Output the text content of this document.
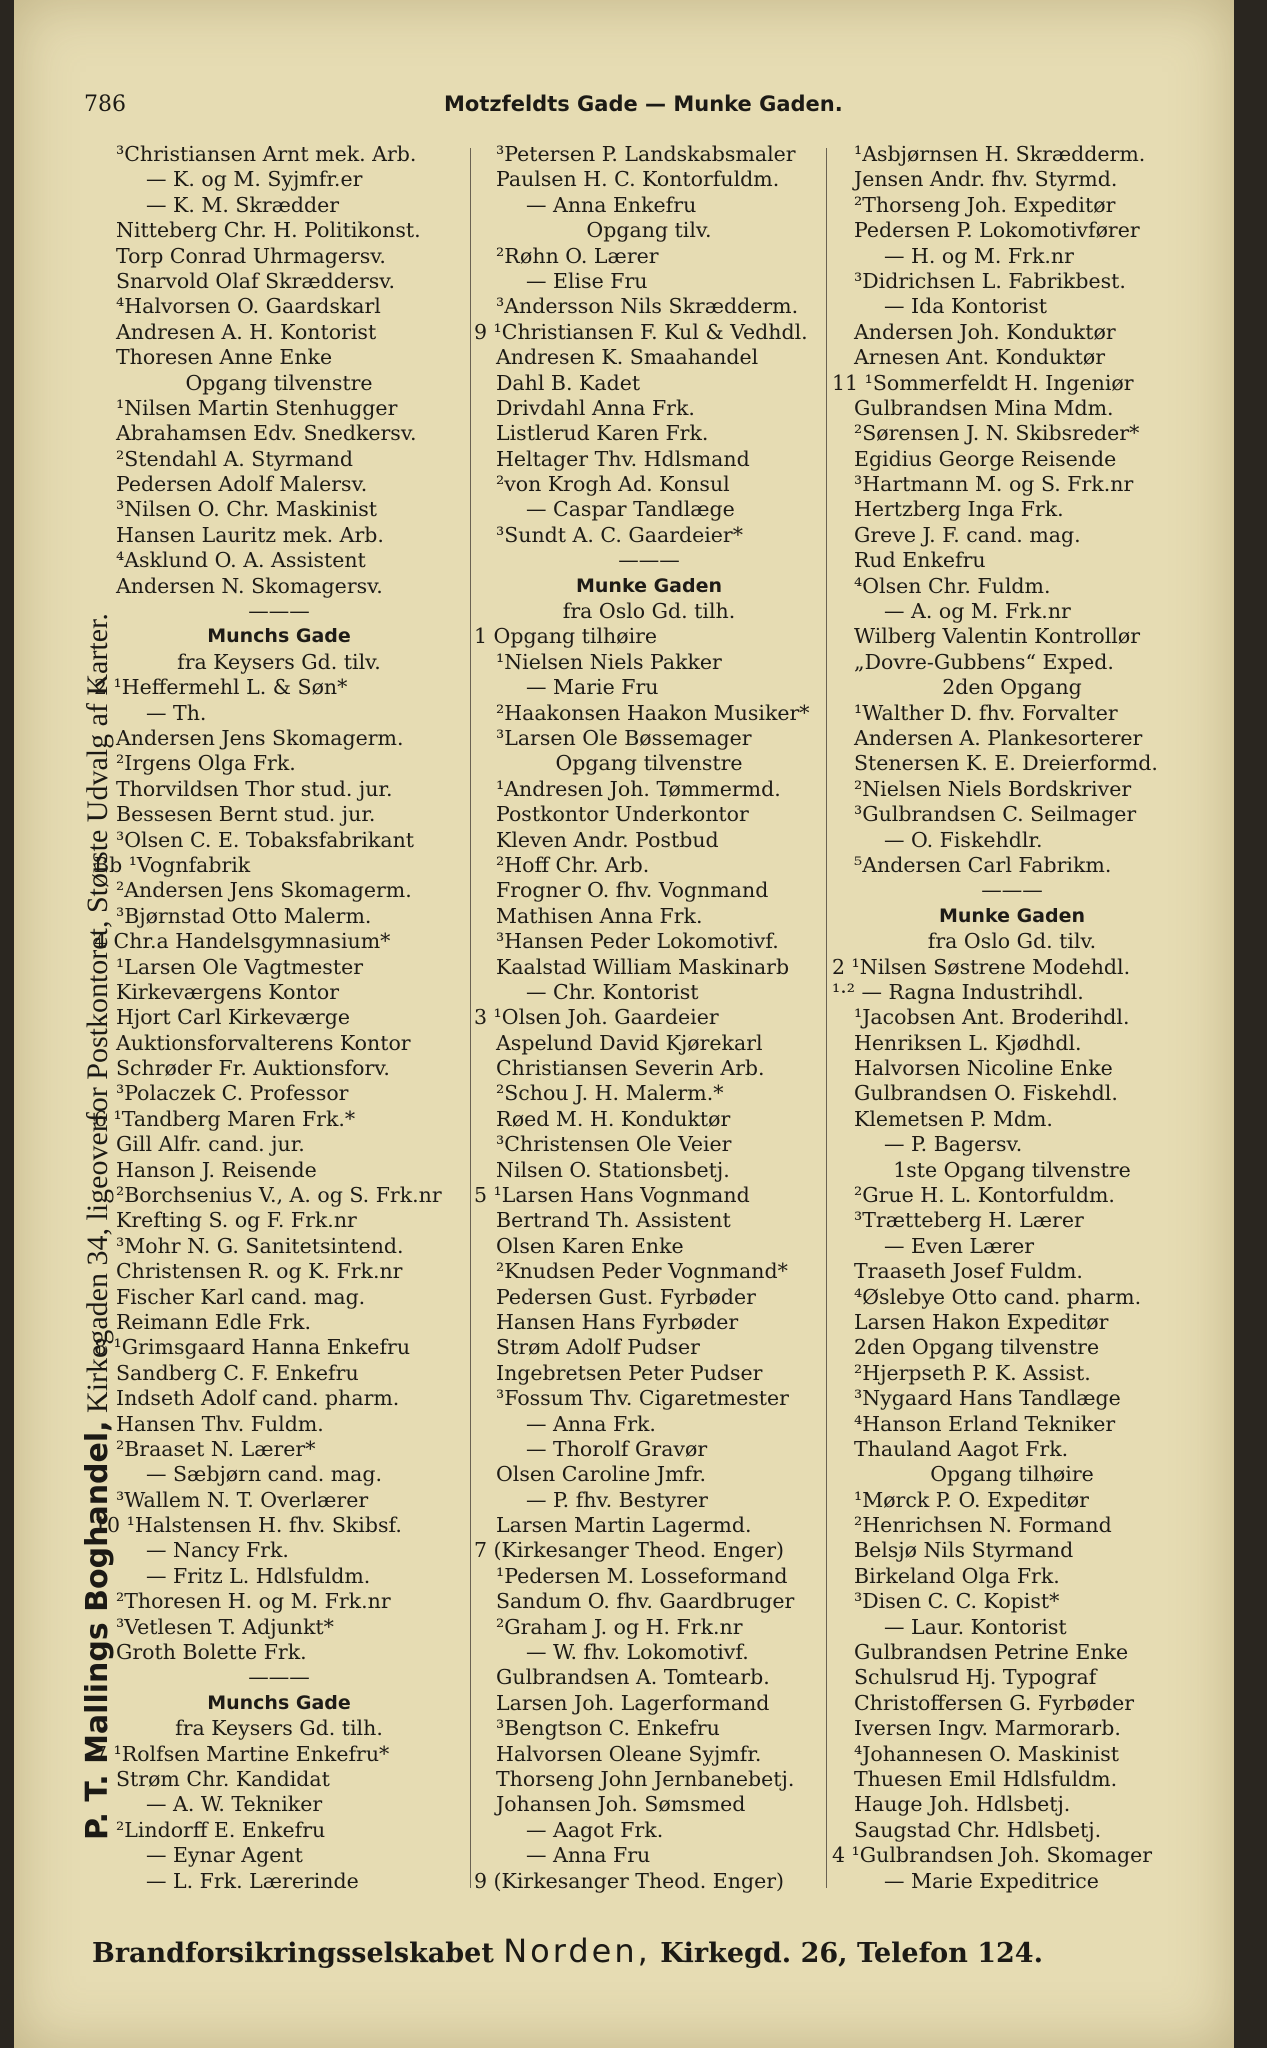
786	Motzfeldts Gade — Munke Gaden.
P. T. Mallings Boghandel, Kirkegaden 34, ligeoverfor Postkontoret, Største Udvalg af Karter.
³Christiansen Arnt mek. Arb.
— K. og M. Syjmfr.er
— K. M. Skrædder
Nitteberg Chr. H. Politikonst.
Torp Conrad Uhrmagersv.
Snarvold Olaf Skræddersv.
⁴Halvorsen O. Gaardskarl
Andresen A. H. Kontorist
Thoresen Anne Enke
Opgang tilvenstre
¹Nilsen Martin Stenhugger
Abrahamsen Edv. Snedkersv.
²Stendahl A. Styrmand
Pedersen Adolf Malersv.
³Nilsen O. Chr. Maskinist
Hansen Lauritz mek. Arb.
⁴Asklund O. A. Assistent
Andersen N. Skomagersv.
———
Munchs Gade
fra Keysers Gd. tilv.
2 ¹Heffermehl L. & Søn*
— Th.
Andersen Jens Skomagerm.
²Irgens Olga Frk.
Thorvildsen Thor stud. jur.
Bessesen Bernt stud. jur.
³Olsen C. E. Tobaksfabrikant
Bb ¹Vognfabrik
²Andersen Jens Skomagerm.
³Bjørnstad Otto Malerm.
4 Chr.a Handelsgymnasium*
¹Larsen Ole Vagtmester
Kirkeværgens Kontor
Hjort Carl Kirkeværge
Auktionsforvalterens Kontor
Schrøder Fr. Auktionsforv.
³Polaczek C. Professor
6 ¹Tandberg Maren Frk.*
Gill Alfr. cand. jur.
Hanson J. Reisende
²Borchsenius V., A. og S. Frk.nr
Krefting S. og F. Frk.nr
³Mohr N. G. Sanitetsintend.
Christensen R. og K. Frk.nr
Fischer Karl cand. mag.
Reimann Edle Frk.
8 ¹Grimsgaard Hanna Enkefru
Sandberg C. F. Enkefru
Indseth Adolf cand. pharm.
Hansen Thv. Fuldm.
²Braaset N. Lærer*
— Sæbjørn cand. mag.
³Wallem N. T. Overlærer
10 ¹Halstensen H. fhv. Skibsf.
— Nancy Frk.
— Fritz L. Hdlsfuldm.
²Thoresen H. og M. Frk.nr
³Vetlesen T. Adjunkt*
Groth Bolette Frk.
———
Munchs Gade
fra Keysers Gd. tilh.
7 ¹Rolfsen Martine Enkefru*
Strøm Chr. Kandidat
— A. W. Tekniker
²Lindorff E. Enkefru
— Eynar Agent
— L. Frk. Lærerinde
³Petersen P. Landskabsmaler
Paulsen H. C. Kontorfuldm.
— Anna Enkefru
Opgang tilv.
²Røhn O. Lærer
— Elise Fru
³Andersson Nils Skrædderm.
9 ¹Christiansen F. Kul & Vedhdl.
Andresen K. Smaahandel
Dahl B. Kadet
Drivdahl Anna Frk.
Listlerud Karen Frk.
Heltager Thv. Hdlsmand
²von Krogh Ad. Konsul
— Caspar Tandlæge
³Sundt A. C. Gaardeier*
———
Munke Gaden
fra Oslo Gd. tilh.
1 Opgang tilhøire
¹Nielsen Niels Pakker
— Marie Fru
²Haakonsen Haakon Musiker*
³Larsen Ole Bøssemager
Opgang tilvenstre
¹Andresen Joh. Tømmermd.
Postkontor Underkontor
Kleven Andr. Postbud
²Hoff Chr. Arb.
Frogner O. fhv. Vognmand
Mathisen Anna Frk.
³Hansen Peder Lokomotivf.
Kaalstad William Maskinarb
— Chr. Kontorist
3 ¹Olsen Joh. Gaardeier
Aspelund David Kjørekarl
Christiansen Severin Arb.
²Schou J. H. Malerm.*
Røed M. H. Konduktør
³Christensen Ole Veier
Nilsen O. Stationsbetj.
5 ¹Larsen Hans Vognmand
Bertrand Th. Assistent
Olsen Karen Enke
²Knudsen Peder Vognmand*
Pedersen Gust. Fyrbøder
Hansen Hans Fyrbøder
Strøm Adolf Pudser
Ingebretsen Peter Pudser
³Fossum Thv. Cigaretmester
— Anna Frk.
— Thorolf Gravør
Olsen Caroline Jmfr.
— P. fhv. Bestyrer
Larsen Martin Lagermd.
7 (Kirkesanger Theod. Enger)
¹Pedersen M. Losseformand
Sandum O. fhv. Gaardbruger
²Graham J. og H. Frk.nr
— W. fhv. Lokomotivf.
Gulbrandsen A. Tomtearb.
Larsen Joh. Lagerformand
³Bengtson C. Enkefru
Halvorsen Oleane Syjmfr.
Thorseng John Jernbanebetj.
Johansen Joh. Sømsmed
— Aagot Frk.
— Anna Fru
9 (Kirkesanger Theod. Enger)
¹Asbjørnsen H. Skrædderm.
Jensen Andr. fhv. Styrmd.
²Thorseng Joh. Expeditør
Pedersen P. Lokomotivfører
— H. og M. Frk.nr
³Didrichsen L. Fabrikbest.
— Ida Kontorist
Andersen Joh. Konduktør
Arnesen Ant. Konduktør
11 ¹Sommerfeldt H. Ingeniør
Gulbrandsen Mina Mdm.
²Sørensen J. N. Skibsreder*
Egidius George Reisende
³Hartmann M. og S. Frk.nr
Hertzberg Inga Frk.
Greve J. F. cand. mag.
Rud Enkefru
⁴Olsen Chr. Fuldm.
— A. og M. Frk.nr
Wilberg Valentin Kontrollør
„Dovre-Gubbens“ Exped.
2den Opgang
¹Walther D. fhv. Forvalter
Andersen A. Plankesorterer
Stenersen K. E. Dreierformd.
²Nielsen Niels Bordskriver
³Gulbrandsen C. Seilmager
— O. Fiskehdlr.
⁵Andersen Carl Fabrikm.
———
Munke Gaden
fra Oslo Gd. tilv.
2 ¹Nilsen Søstrene Modehdl.
¹·² — Ragna Industrihdl.
¹Jacobsen Ant. Broderihdl.
Henriksen L. Kjødhdl.
Halvorsen Nicoline Enke
Gulbrandsen O. Fiskehdl.
Klemetsen P. Mdm.
— P. Bagersv.
1ste Opgang tilvenstre
²Grue H. L. Kontorfuldm.
³Trætteberg H. Lærer
— Even Lærer
Traaseth Josef Fuldm.
⁴Øslebye Otto cand. pharm.
Larsen Hakon Expeditør
2den Opgang tilvenstre
²Hjerpseth P. K. Assist.
³Nygaard Hans Tandlæge
⁴Hanson Erland Tekniker
Thauland Aagot Frk.
Opgang tilhøire
¹Mørck P. O. Expeditør
²Henrichsen N. Formand
Belsjø Nils Styrmand
Birkeland Olga Frk.
³Disen C. C. Kopist*
— Laur. Kontorist
Gulbrandsen Petrine Enke
Schulsrud Hj. Typograf
Christoffersen G. Fyrbøder
Iversen Ingv. Marmorarb.
⁴Johannesen O. Maskinist
Thuesen Emil Hdlsfuldm.
Hauge Joh. Hdlsbetj.
Saugstad Chr. Hdlsbetj.
4 ¹Gulbrandsen Joh. Skomager
— Marie Expeditrice
Brandforsikringsselskabet Norden, Kirkegd. 26, Telefon 124.
